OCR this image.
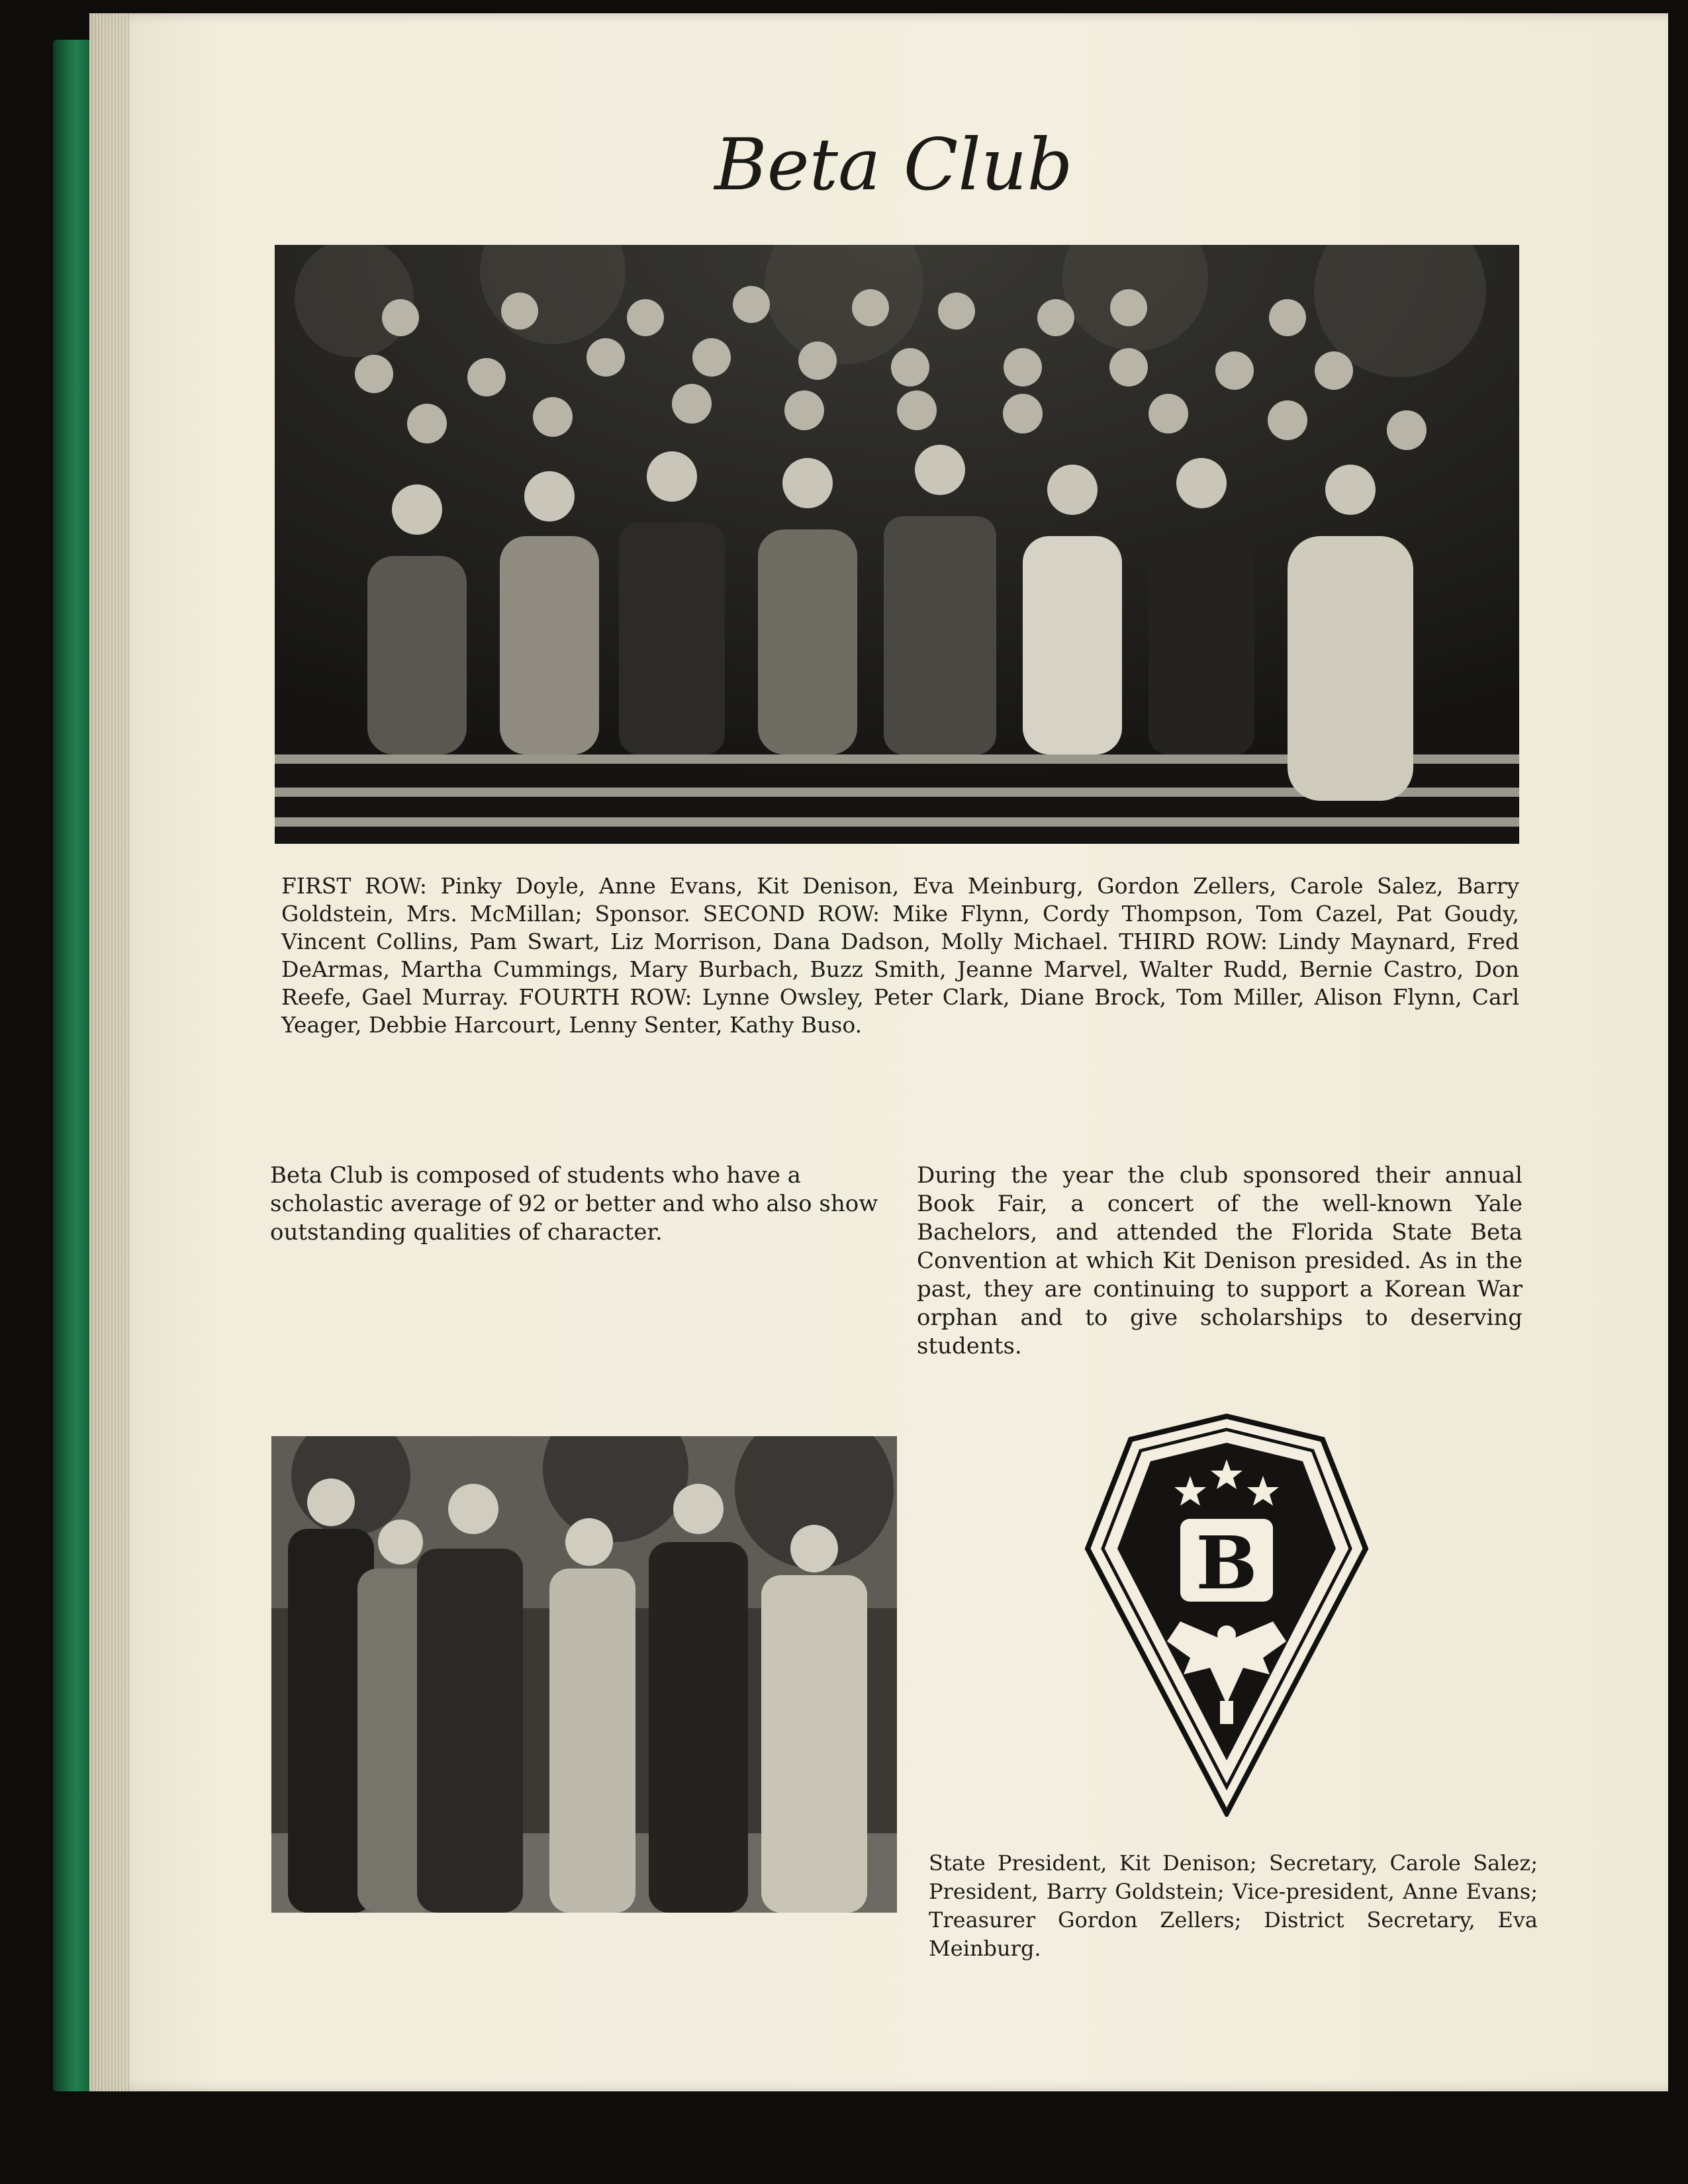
Beta Club

FIRST ROW: Pinky Doyle, Anne Evans, Kit Denison, Eva Meinburg, Gordon Zellers, Carole Salez, Barry Goldstein, Mrs. McMillan; Sponsor. SECOND ROW: Mike Flynn, Cordy Thompson, Tom Cazel, Pat Goudy, Vincent Collins, Pam Swart, Liz Morrison, Dana Dadson, Molly Michael. THIRD ROW: Lindy Maynard, Fred DeArmas, Martha Cummings, Mary Burbach, Buzz Smith, Jeanne Marvel, Walter Rudd, Bernie Castro, Don Reefe, Gael Murray. FOURTH ROW: Lynne Owsley, Peter Clark, Diane Brock, Tom Miller, Alison Flynn, Carl Yeager, Debbie Harcourt, Lenny Senter, Kathy Buso.

Beta Club is composed of students who have a scholastic average of 92 or better and who also show outstanding qualities of character.

During the year the club sponsored their annual Book Fair, a concert of the well-known Yale Bachelors, and attended the Florida State Beta Convention at which Kit Denison presided. As in the past, they are continuing to support a Korean War orphan and to give scholarships to deserving students.

B

State President, Kit Denison; Secretary, Carole Salez; President, Barry Goldstein; Vice-president, Anne Evans; Treasurer Gordon Zellers; District Secretary, Eva Meinburg.
